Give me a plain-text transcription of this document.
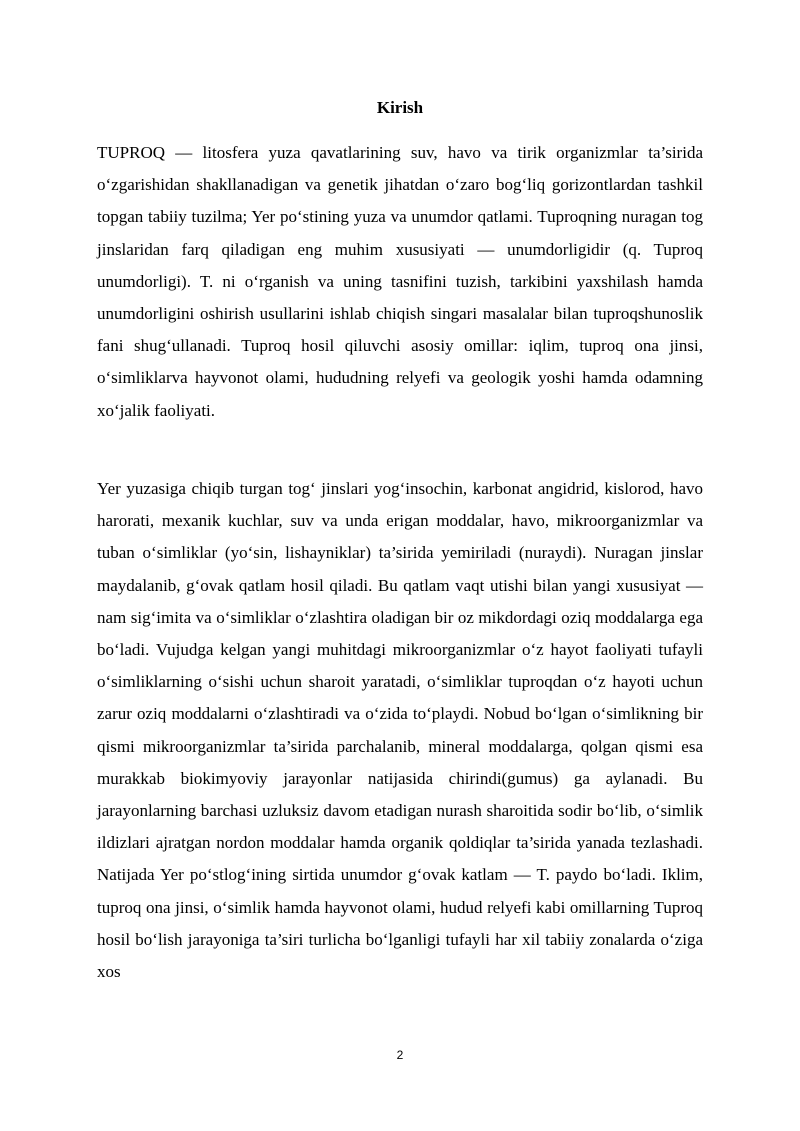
Kirish

TUPROQ — litosfera yuza qavatlarining suv, havo va tirik organizmlar ta’sirida o‘zgarishidan shakllanadigan va genetik jihatdan o‘zaro bog‘liq gorizontlardan tashkil topgan tabiiy tuzilma; Yer po‘stining yuza va unumdor qatlami. Tuproqning nuragan tog jinslaridan farq qiladigan eng muhim xususiyati — unumdorligidir (q. Tuproq unumdorligi). T. ni o‘rganish va uning tasnifini tuzish, tarkibini yaxshilash hamda unumdorligini oshirish usullarini ishlab chiqish singari masalalar bilan tuproqshunoslik fani shug‘ullanadi. Tuproq hosil qiluvchi asosiy omillar: iqlim, tuproq ona jinsi, o‘simliklarva hayvonot olami, hududning relyefi va geologik yoshi hamda odamning xo‘jalik faoliyati.

Yer yuzasiga chiqib turgan tog‘ jinslari yog‘insochin, karbonat angidrid, kislorod, havo harorati, mexanik kuchlar, suv va unda erigan moddalar, havo, mikroorganizmlar va tuban o‘simliklar (yo‘sin, lishayniklar) ta’sirida yemiriladi (nuraydi). Nuragan jinslar maydalanib, g‘ovak qatlam hosil qiladi. Bu qatlam vaqt utishi bilan yangi xususiyat — nam sig‘imita va o‘simliklar o‘zlashtira oladigan bir oz mikdordagi oziq moddalarga ega bo‘ladi. Vujudga kelgan yangi muhitdagi mikroorganizmlar o‘z hayot faoliyati tufayli o‘simliklarning o‘sishi uchun sharoit yaratadi, o‘simliklar tuproqdan o‘z hayoti uchun zarur oziq moddalarni o‘zlashtiradi va o‘zida to‘playdi. Nobud bo‘lgan o‘simlikning bir qismi mikroorganizmlar ta’sirida parchalanib, mineral moddalarga, qolgan qismi esa murakkab biokimyoviy jarayonlar natijasida chirindi(gumus) ga aylanadi. Bu jarayonlarning barchasi uzluksiz davom etadigan nurash sharoitida sodir bo‘lib, o‘simlik ildizlari ajratgan nordon moddalar hamda organik qoldiqlar ta’sirida yanada tezlashadi. Natijada Yer po‘stlog‘ining sirtida unumdor g‘ovak katlam — T. paydo bo‘ladi. Iklim, tuproq ona jinsi, o‘simlik hamda hayvonot olami, hudud relyefi kabi omillarning Tuproq hosil bo‘lish jarayoniga ta’siri turlicha bo‘lganligi tufayli har xil tabiiy zonalarda o‘ziga xos

2
